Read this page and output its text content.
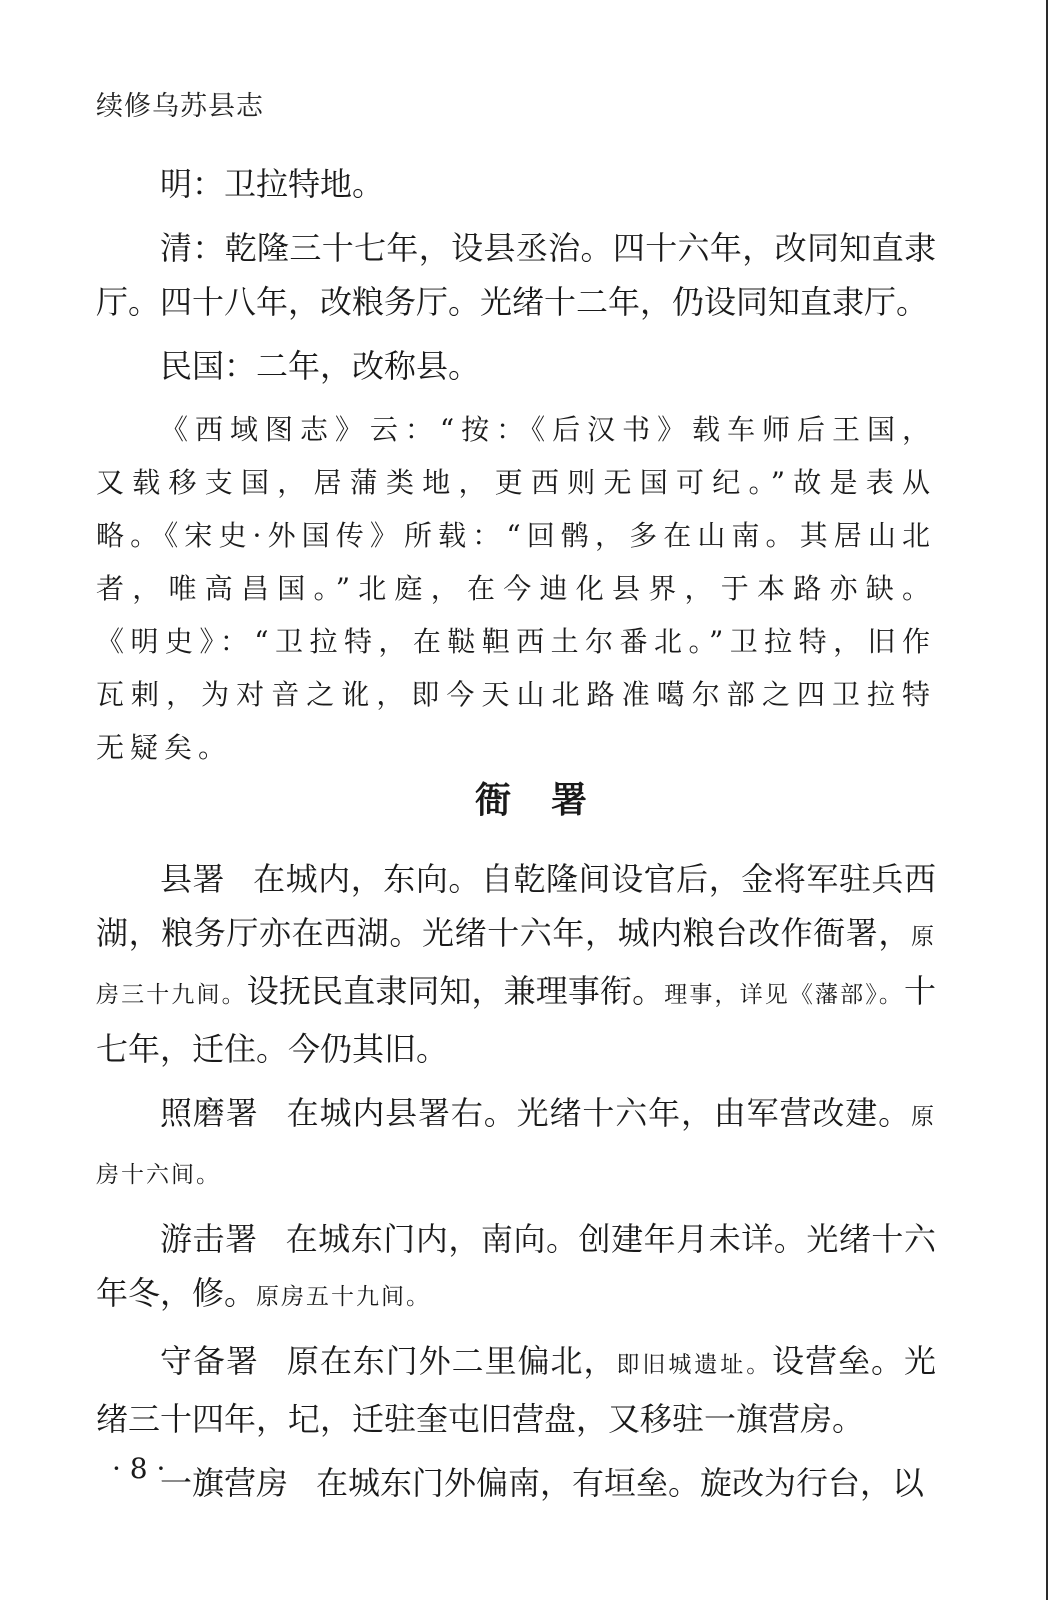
续修乌苏县志

明：卫拉特地。

清：乾隆三十七年，设县丞治。四十六年，改同知直隶厅。四十八年，改粮务厅。光绪十二年，仍设同知直隶厅。

民国：二年，改称县。

《西域图志》云：“按：《后汉书》载车师后王国，又载移支国，居蒲类地，更西则无国可纪。”故是表从略。《宋史·外国传》所载：“回鹘，多在山南。其居山北者，唯高昌国。”北庭，在今迪化县界，于本路亦缺。《明史》：“卫拉特，在鞑靼西土尔番北。”卫拉特，旧作瓦剌，为对音之讹，即今天山北路准噶尔部之四卫拉特无疑矣。

衙署

县署 在城内，东向。自乾隆间设官后，金将军驻兵西湖，粮务厅亦在西湖。光绪十六年，城内粮台改作衙署，原房三十九间。设抚民直隶同知，兼理事衔。理事，详见《藩部》。十七年，迁住。今仍其旧。

照磨署 在城内县署右。光绪十六年，由军营改建。原房十六间。

游击署 在城东门内，南向。创建年月未详。光绪十六年冬，修。原房五十九间。

守备署 原在东门外二里偏北，即旧城遗址。设营垒。光绪三十四年，圮，迁驻奎屯旧营盘，又移驻一旗营房。

一旗营房 在城东门外偏南，有垣垒。旋改为行台，以

· 8 ·
